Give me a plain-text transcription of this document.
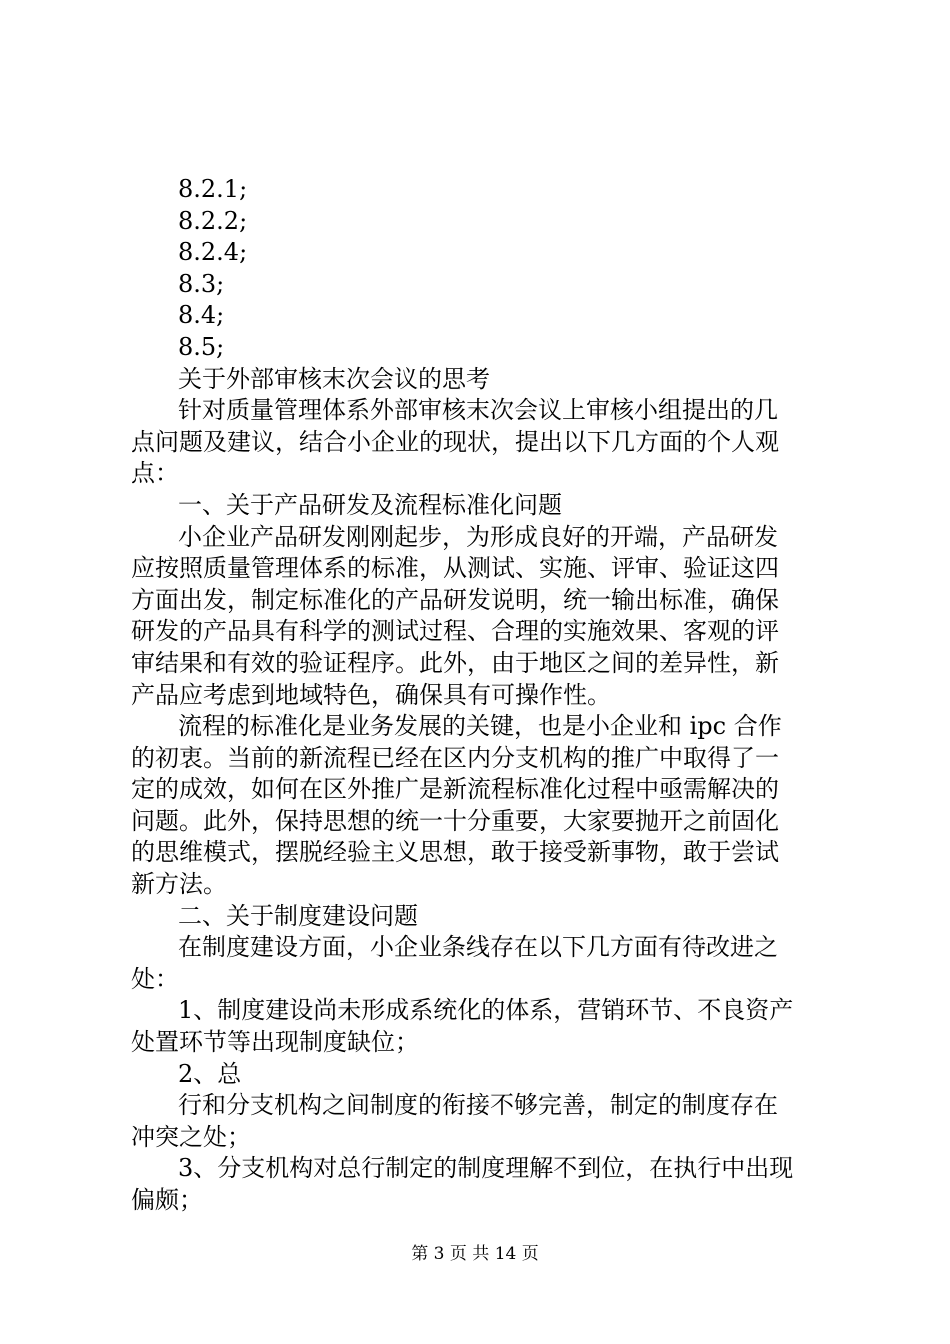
8.2.1;
8.2.2;
8.2.4;
8.3;
8.4;
8.5;
关于外部审核末次会议的思考
针对质量管理体系外部审核末次会议上审核小组提出的几
点问题及建议，结合小企业的现状，提出以下几方面的个人观
点：
一、关于产品研发及流程标准化问题
小企业产品研发刚刚起步，为形成良好的开端，产品研发
应按照质量管理体系的标准，从测试、实施、评审、验证这四
方面出发，制定标准化的产品研发说明，统一输出标准，确保
研发的产品具有科学的测试过程、合理的实施效果、客观的评
审结果和有效的验证程序。此外，由于地区之间的差异性，新
产品应考虑到地域特色，确保具有可操作性。
流程的标准化是业务发展的关键，也是小企业和 ipc 合作
的初衷。当前的新流程已经在区内分支机构的推广中取得了一
定的成效，如何在区外推广是新流程标准化过程中亟需解决的
问题。此外，保持思想的统一十分重要，大家要抛开之前固化
的思维模式，摆脱经验主义思想，敢于接受新事物，敢于尝试
新方法。
二、关于制度建设问题
在制度建设方面，小企业条线存在以下几方面有待改进之
处：
1、制度建设尚未形成系统化的体系，营销环节、不良资产
处置环节等出现制度缺位；
2、总
行和分支机构之间制度的衔接不够完善，制定的制度存在
冲突之处；
3、分支机构对总行制定的制度理解不到位，在执行中出现
偏颇；
第 3 页 共 14 页
